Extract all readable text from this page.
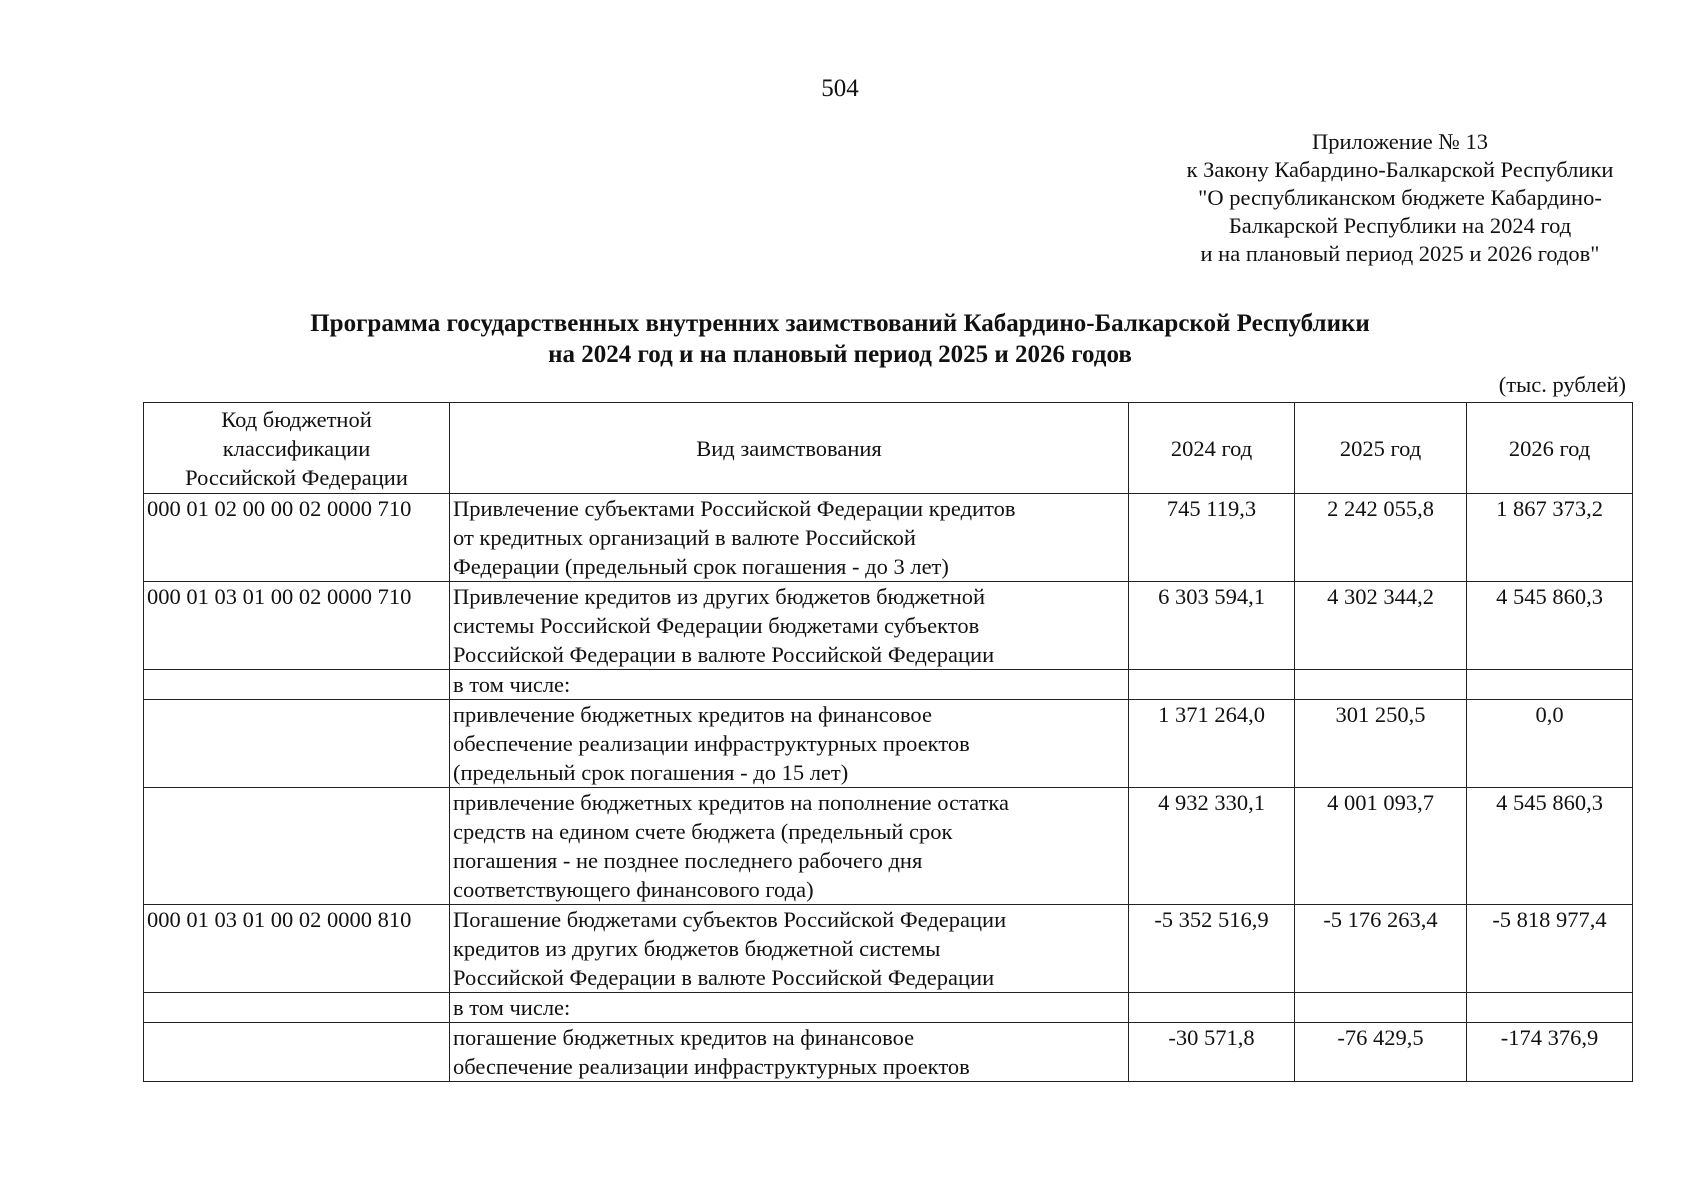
504
Приложение № 13
к Закону Кабардино-Балкарской Республики
"О республиканском бюджете Кабардино-
Балкарской Республики на 2024 год
и на плановый период 2025 и 2026 годов"
Программа государственных внутренних заимствований Кабардино-Балкарской Республики
на 2024 год и на плановый период 2025 и 2026 годов
(тыс. рублей)
Код бюджетной
классификации
Российской Федерации	Вид заимствования	2024 год	2025 год	2026 год
000 01 02 00 00 02 0000 710	Привлечение субъектами Российской Федерации кредитов
от кредитных организаций в валюте Российской
Федерации (предельный срок погашения - до 3 лет)	745 119,3	2 242 055,8	1 867 373,2
000 01 03 01 00 02 0000 710	Привлечение кредитов из других бюджетов бюджетной
системы Российской Федерации бюджетами субъектов
Российской Федерации в валюте Российской Федерации	6 303 594,1	4 302 344,2	4 545 860,3

	в том числе:			

	привлечение бюджетных кредитов на финансовое
обеспечение реализации инфраструктурных проектов
(предельный срок погашения - до 15 лет)	1 371 264,0	301 250,5	0,0

	привлечение бюджетных кредитов на пополнение остатка
средств на едином счете бюджета (предельный срок
погашения - не позднее последнего рабочего дня
соответствующего финансового года)	4 932 330,1	4 001 093,7	4 545 860,3
000 01 03 01 00 02 0000 810	Погашение бюджетами субъектов Российской Федерации
кредитов из других бюджетов бюджетной системы
Российской Федерации в валюте Российской Федерации	-5 352 516,9	-5 176 263,4	-5 818 977,4

	в том числе:			

	погашение бюджетных кредитов на финансовое
обеспечение реализации инфраструктурных проектов	-30 571,8	-76 429,5	-174 376,9
